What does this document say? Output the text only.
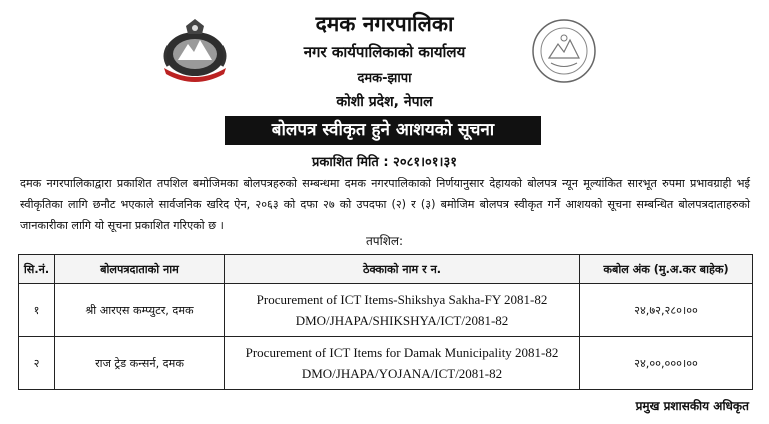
दमक नगरपालिका
नगर कार्यपालिकाको कार्यालय
दमक-झापा
कोशी प्रदेश, नेपाल
बोलपत्र स्वीकृत हुने आशयको सूचना
प्रकाशित मिति : २०८१।०१।३१
दमक नगरपालिकाद्वारा प्रकाशित तपशिल बमोजिमका बोलपत्रहरुको सम्बन्धमा दमक नगरपालिकाको निर्णयानुसार देहायको बोलपत्र न्यून मूल्यांकित सारभूत रुपमा प्रभावग्राही भई स्वीकृतिका लागि छनौट भएकाले सार्वजनिक खरिद ऐन, २०६३ को दफा २७ को उपदफा (२) र (३) बमोजिम बोलपत्र स्वीकृत गर्ने आशयको सूचना सम्बन्धित बोलपत्रदाताहरुको जानकारीका लागि यो सूचना प्रकाशित गरिएको छ ।
तपशिल:
सि.नं.	बोलपत्रदाताको नाम	ठेक्काको नाम र न.	कबोल अंक (मु.अ.कर बाहेक)
१	श्री आरएस कम्प्युटर, दमक	Procurement of ICT Items-Shikshya Sakha-FY 2081-82
DMO/JHAPA/SHIKSHYA/ICT/2081-82	२४,७२,२८०।००
२	राज ट्रेड कन्सर्न, दमक	Procurement of ICT Items for Damak Municipality 2081-82
DMO/JHAPA/YOJANA/ICT/2081-82	२४,००,०००।००
प्रमुख प्रशासकीय अधिकृत
